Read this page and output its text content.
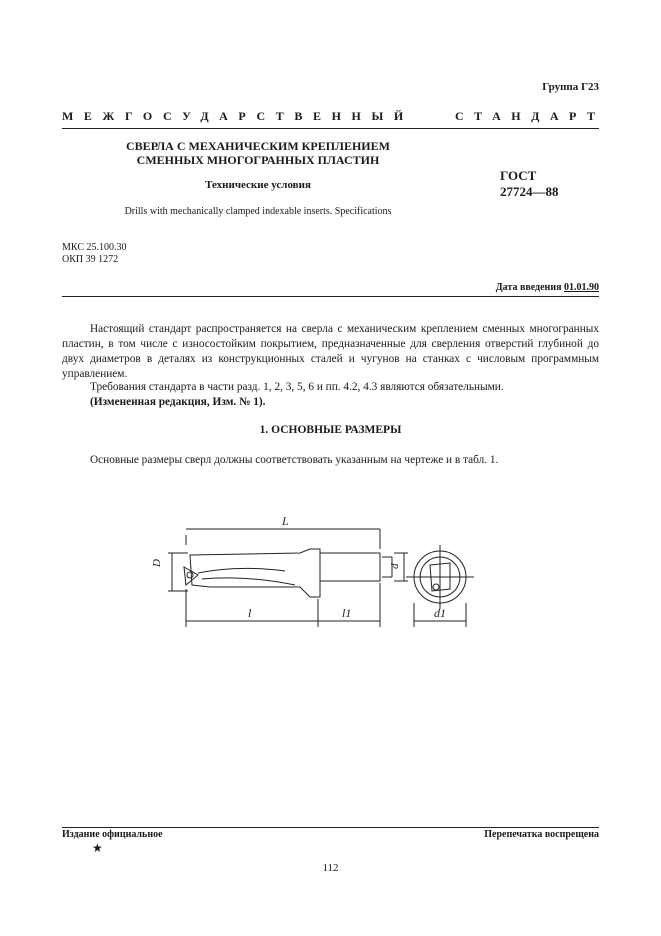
Группа Г23
МЕЖГОСУДАРСТВЕННЫЙ	СТАНДАРТ
СВЕРЛА С МЕХАНИЧЕСКИМ КРЕПЛЕНИЕМ
СМЕННЫХ МНОГОГРАННЫХ ПЛАСТИН
Технические условия
Drills with mechanically clamped indexable inserts. Specifications
ГОСТ
27724—88
МКС 25.100.30
ОКП 39 1272
Дата введения 01.01.90
Настоящий стандарт распространяется на сверла с механическим креплением сменных многогранных пластин, в том числе с износостойким покрытием, предназначенные для сверления отверстий глубиной до двух диаметров в деталях из конструкционных сталей и чугунов на станках с числовым программным управлением.
Требования стандарта в части разд. 1, 2, 3, 5, 6 и пп. 4.2, 4.3 являются обязательными.
(Измененная редакция, Изм. № 1).
1. ОСНОВНЫЕ РАЗМЕРЫ
Основные размеры сверл должны соответствовать указанным на чертеже и в табл. 1.
L
D	d
l	l1	d1
Издание официальное
★
Перепечатка воспрещена
112
